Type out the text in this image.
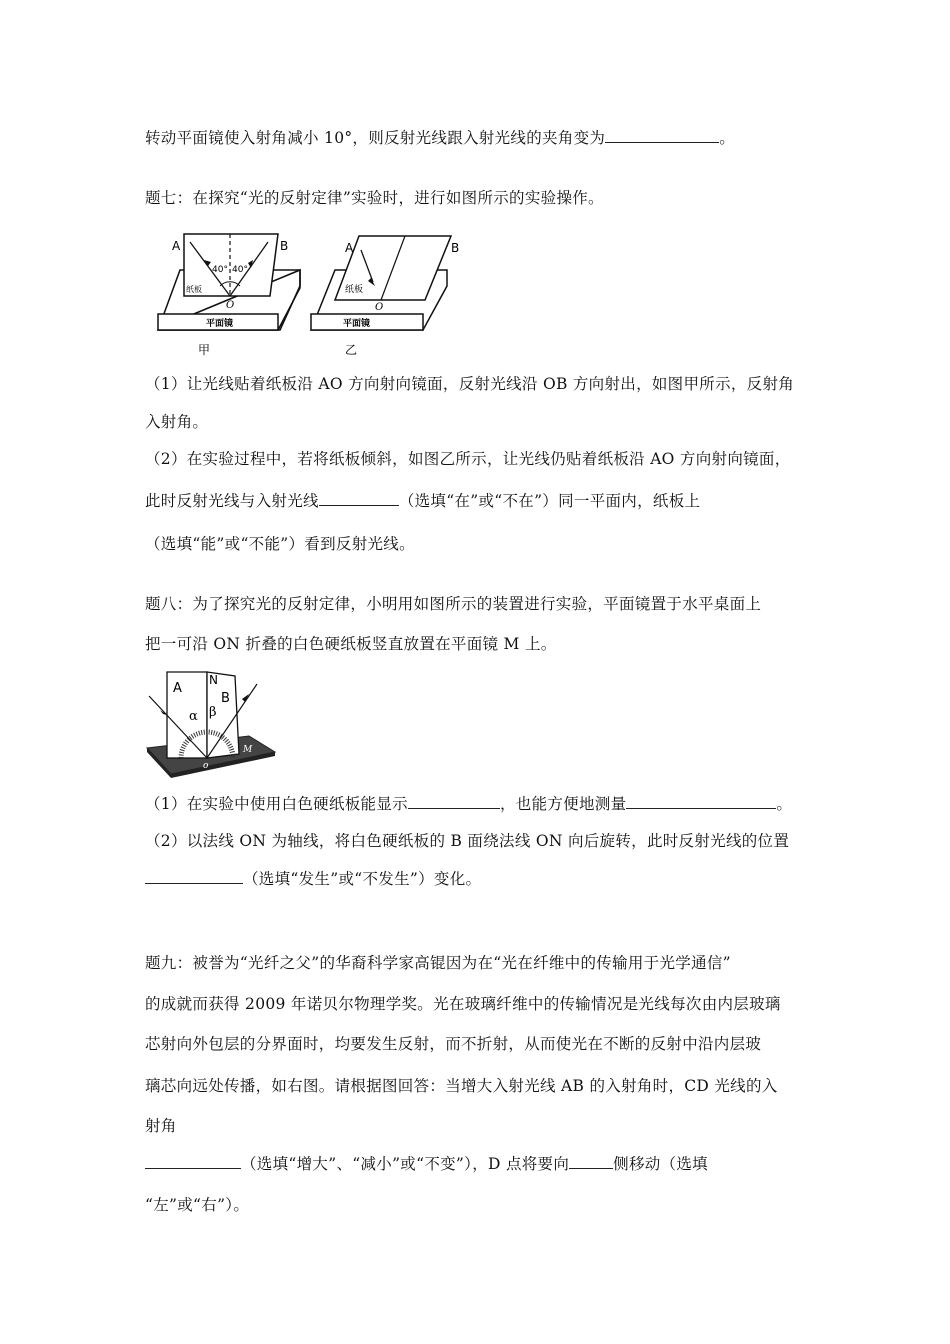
转动平面镜使入射角减小 10°，则反射光线跟入射光线的夹角变为	。
题七：在探究“光的反射定律”实验时，进行如图所示的实验操作。
A	B
40° 40°
纸板
O
平面镜
甲
A	B
纸板
O
平面镜
乙
（1）让光线贴着纸板沿 AO 方向射向镜面，反射光线沿 OB 方向射出，如图甲所示，反射角
入射角。
（2）在实验过程中，若将纸板倾斜，如图乙所示，让光线仍贴着纸板沿 AO 方向射向镜面，
此时反射光线与入射光线	（选填“在”或“不在”）同一平面内，纸板上
（选填“能”或“不能”）看到反射光线。
题八：为了探究光的反射定律，小明用如图所示的装置进行实验，平面镜置于水平桌面上
把一可沿 ON 折叠的白色硬纸板竖直放置在平面镜 M 上。
A
N
B
α β
o
M
（1）在实验中使用白色硬纸板能显示	，也能方便地测量	。
（2）以法线 ON 为轴线，将白色硬纸板的 B 面绕法线 ON 向后旋转，此时反射光线的位置
（选填“发生”或“不发生”）变化。
题九：被誉为“光纤之父”的华裔科学家高锟因为在“光在纤维中的传输用于光学通信”
的成就而获得 2009 年诺贝尔物理学奖。光在玻璃纤维中的传输情况是光线每次由内层玻璃
芯射向外包层的分界面时，均要发生反射，而不折射，从而使光在不断的反射中沿内层玻
璃芯向远处传播，如右图。请根据图回答：当增大入射光线 AB 的入射角时，CD 光线的入
射角
（选填“增大”、“减小”或“不变”），D 点将要向	侧移动（选填
“左”或“右”）。
